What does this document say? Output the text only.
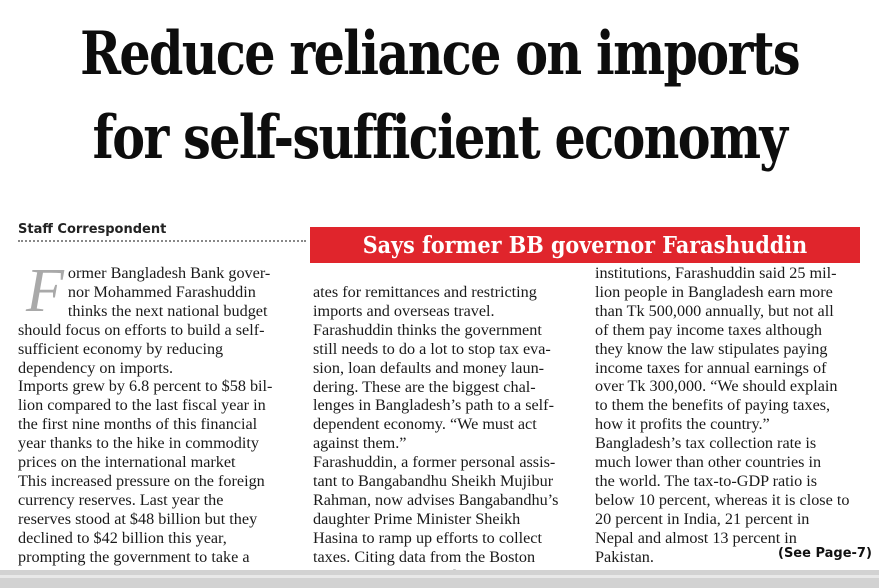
Reduce reliance on imports
for self-sufficient economy
Staff Correspondent
Says former BB governor Farashuddin
F ormer Bangladesh Bank gover-

nor Mohammed Farashuddin

thinks the next national budget

should focus on efforts to build a self-

sufficient economy by reducing

dependency on imports.

Imports grew by 6.8 percent to $58 bil-

lion compared to the last fiscal year in

the first nine months of this financial

year thanks to the hike in commodity

prices on the international market

This increased pressure on the foreign

currency reserves. Last year the

reserves stood at $48 billion but they

declined to $42 billion this year,

prompting the government to take a

ates for remittances and restricting

imports and overseas travel.

Farashuddin thinks the government

still needs to do a lot to stop tax eva-

sion, loan defaults and money laun-

dering. These are the biggest chal-

lenges in Bangladesh’s path to a self-

dependent economy. “We must act

against them.”

Farashuddin, a former personal assis-

tant to Bangabandhu Sheikh Mujibur

Rahman, now advises Bangabandhu’s

daughter Prime Minister Sheikh

Hasina to ramp up efforts to collect

taxes. Citing data from the Boston

institutions, Farashuddin said 25 mil-

lion people in Bangladesh earn more

than Tk 500,000 annually, but not all

of them pay income taxes although

they know the law stipulates paying

income taxes for annual earnings of

over Tk 300,000. “We should explain

to them the benefits of paying taxes,

how it profits the country.”

Bangladesh’s tax collection rate is

much lower than other countries in

the world. The tax-to-GDP ratio is

below 10 percent, whereas it is close to

20 percent in India, 21 percent in

Nepal and almost 13 percent in

Pakistan.	(See Page-7)
